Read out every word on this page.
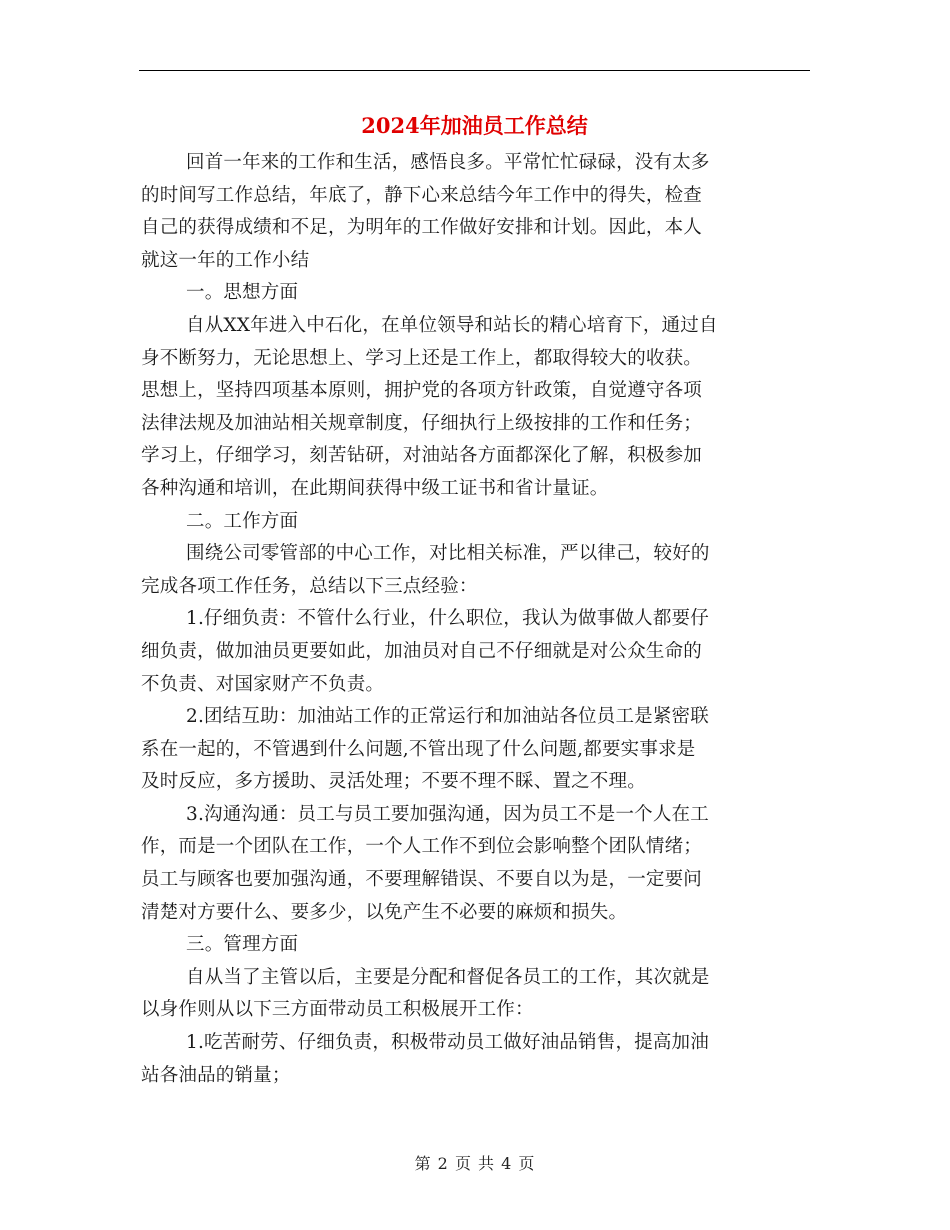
2024年加油员工作总结
回首一年来的工作和生活，感悟良多。平常忙忙碌碌，没有太多
的时间写工作总结，年底了，静下心来总结今年工作中的得失，检查
自己的获得成绩和不足，为明年的工作做好安排和计划。因此，本人
就这一年的工作小结
一。思想方面
自从XX年进入中石化，在单位领导和站长的精心培育下，通过自
身不断努力，无论思想上、学习上还是工作上，都取得较大的收获。
思想上，坚持四项基本原则，拥护党的各项方针政策，自觉遵守各项
法律法规及加油站相关规章制度，仔细执行上级按排的工作和任务；
学习上，仔细学习，刻苦钻研，对油站各方面都深化了解，积极参加
各种沟通和培训，在此期间获得中级工证书和省计量证。
二。工作方面
围绕公司零管部的中心工作，对比相关标准，严以律己，较好的
完成各项工作任务，总结以下三点经验：
1.仔细负责：不管什么行业，什么职位，我认为做事做人都要仔
细负责，做加油员更要如此，加油员对自己不仔细就是对公众生命的
不负责、对国家财产不负责。
2.团结互助：加油站工作的正常运行和加油站各位员工是紧密联
系在一起的，不管遇到什么问题,不管出现了什么问题,都要实事求是
及时反应，多方援助、灵活处理；不要不理不睬、置之不理。
3.沟通沟通：员工与员工要加强沟通，因为员工不是一个人在工
作，而是一个团队在工作，一个人工作不到位会影响整个团队情绪；
员工与顾客也要加强沟通，不要理解错误、不要自以为是，一定要问
清楚对方要什么、要多少，以免产生不必要的麻烦和损失。
三。管理方面
自从当了主管以后，主要是分配和督促各员工的工作，其次就是
以身作则从以下三方面带动员工积极展开工作：
1.吃苦耐劳、仔细负责，积极带动员工做好油品销售，提高加油
站各油品的销量；
第 2 页 共 4 页
